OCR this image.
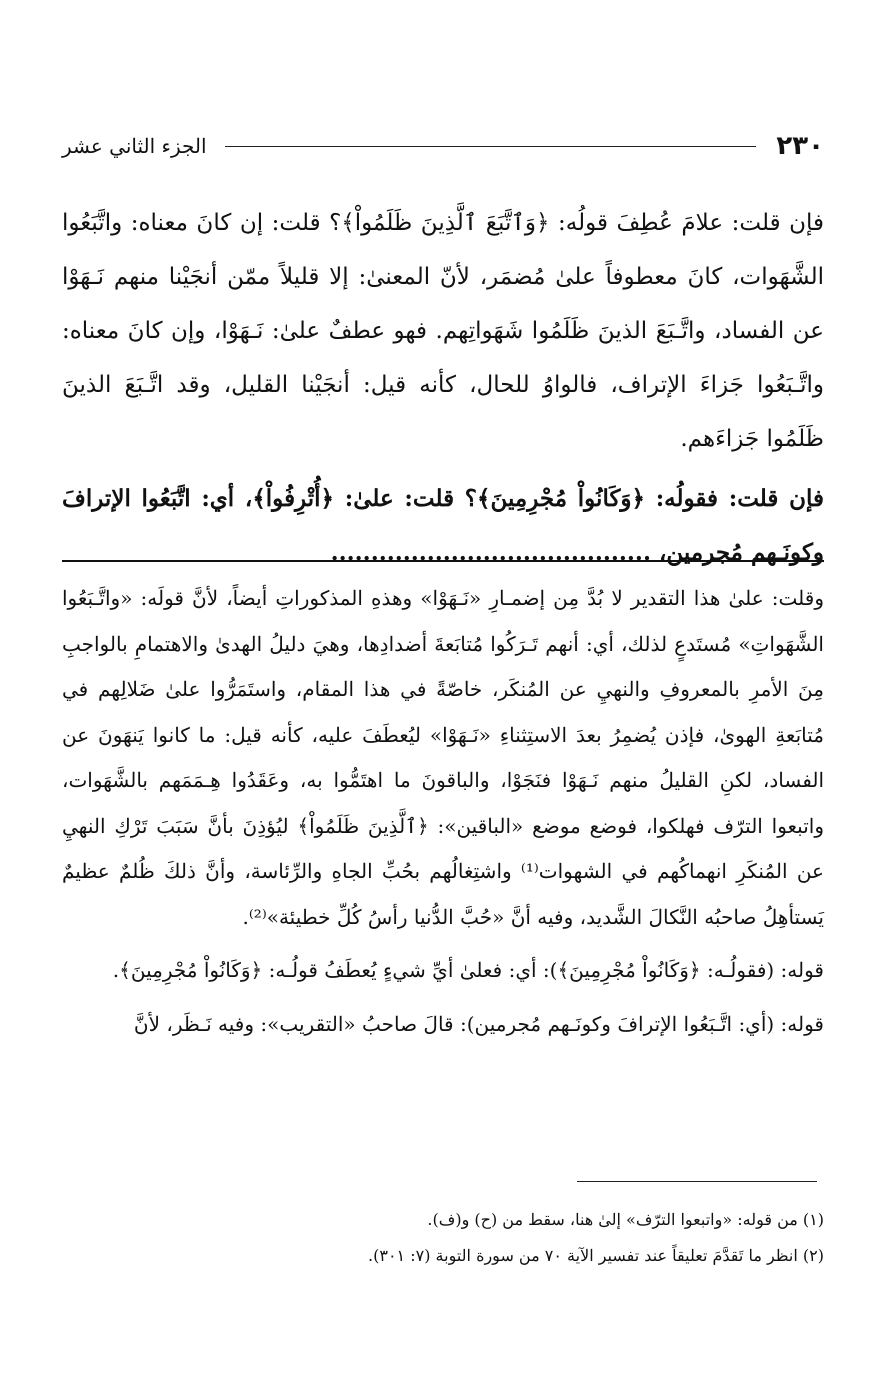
٢٣٠
الجزء الثاني عشر

فإن قلت: علامَ عُطِفَ قولُه: ﴿وَٱتَّبَعَ ٱلَّذِينَ ظَلَمُواْ﴾؟ قلت: إن كانَ معناه: واتَّبَعُوا الشَّهَوات، كانَ معطوفاً علىٰ مُضمَر، لأنّ المعنىٰ: إلا قليلاً ممّن أنجَيْنا منهم نَـهَوْا عن الفساد، واتَّـبَعَ الذينَ ظَلَمُوا شَهَواتِهم. فهو عطفٌ علىٰ: نَـهَوْا، وإن كانَ معناه: واتَّـبَعُوا جَزاءَ الإتراف، فالواوُ للحال، كأنه قيل: أنجَيْنا القليل، وقد اتَّـبَعَ الذينَ ظَلَمُوا جَزاءَهم.

فإن قلت: فقولُه: ﴿وَكَانُواْ مُجْرِمِينَ﴾؟ قلت: علىٰ: ﴿أُتْرِفُواْ﴾، أي: اتَّبَعُوا الإترافَ وكونَـهم مُجرمين، ........................................

وقلت: علىٰ هذا التقدير لا بُدَّ مِن إضمـارِ «نَـهَوْا» وهذهِ المذكوراتِ أيضاً، لأنَّ قولَه: «واتَّـبَعُوا الشَّهَواتِ» مُستَدعٍ لذلك، أي: أنهم تَـرَكُوا مُتابَعةَ أضدادِها، وهيَ دليلُ الهدىٰ والاهتمامِ بالواجبِ مِنَ الأمرِ بالمعروفِ والنهيِ عن المُنكَر، خاصّةً في هذا المقام، واستَمَرُّوا علىٰ ضَلالِهم في مُتابَعةِ الهوىٰ، فإذن يُضمِرُ بعدَ الاستِثناءِ «نَـهَوْا» ليُعطَفَ عليه، كأنه قيل: ما كانوا يَنهَونَ عن الفساد، لكنِ القليلُ منهم نَـهَوْا فنَجَوْا، والباقونَ ما اهتَمُّوا به، وعَقَدُوا هِـمَمَهم بالشَّهَوات، واتبعوا الترّف فهلكوا، فوضع موضع «الباقين»: ﴿ٱلَّذِينَ ظَلَمُواْ﴾ ليُؤذِنَ بأنَّ سَبَبَ تَرْكِ النهيِ عن المُنكَرِ انهماكُهم في الشهوات⁽¹⁾ واشتِغالُهم بحُبِّ الجاهِ والرِّئاسة، وأنَّ ذلكَ ظُلمٌ عظيمٌ يَستأهِلُ صاحبُه النَّكالَ الشَّديد، وفيه أنَّ «حُبَّ الدُّنيا رأسُ كُلِّ خطيئة»⁽²⁾.

قوله: (فقولُـه: ﴿وَكَانُواْ مُجْرِمِينَ﴾): أي: فعلىٰ أيِّ شيءٍ يُعطَفُ قولُـه: ﴿وَكَانُواْ مُجْرِمِينَ﴾.

قوله: (أي: اتَّـبَعُوا الإترافَ وكونَـهم مُجرمين): قالَ صاحبُ «التقريب»: وفيه نَـظَر، لأنَّ

(١) من قوله: «واتبعوا الترّف» إلىٰ هنا، سقط من (ح) و(ف).

(٢) انظر ما تَقدَّمَ تعليقاً عند تفسير الآية ٧٠ من سورة التوبة (٧: ٣٠١).
